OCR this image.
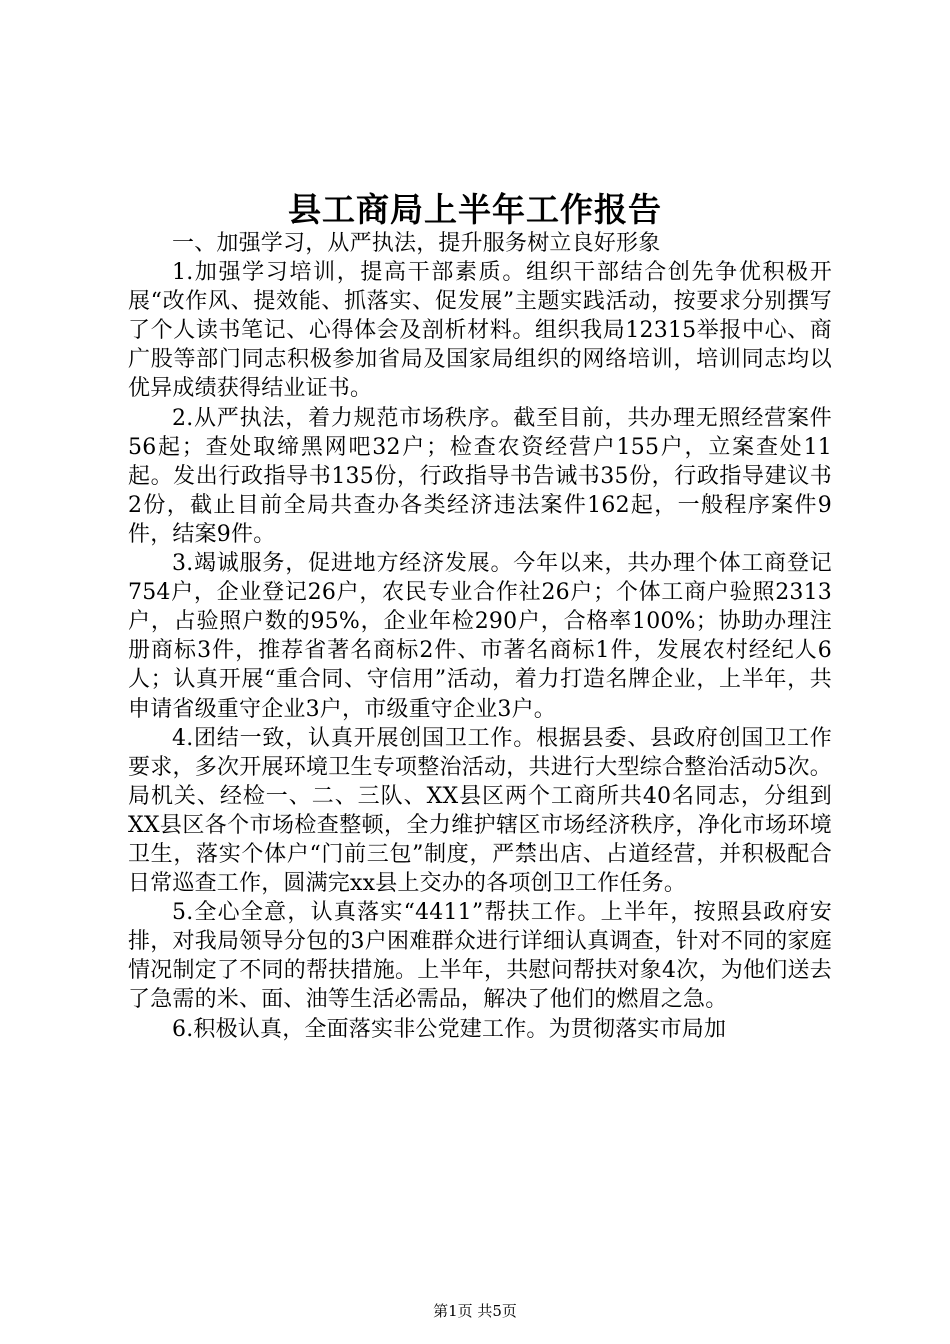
县工商局上半年工作报告

一、加强学习，从严执法，提升服务树立良好形象

1.加强学习培训，提高干部素质。组织干部结合创先争优积极开展“改作风、提效能、抓落实、促发展”主题实践活动，按要求分别撰写了个人读书笔记、心得体会及剖析材料。组织我局12315举报中心、商广股等部门同志积极参加省局及国家局组织的网络培训，培训同志均以优异成绩获得结业证书。

2.从严执法，着力规范市场秩序。截至目前，共办理无照经营案件56起；查处取缔黑网吧32户；检查农资经营户155户，立案查处11起。发出行政指导书135份，行政指导书告诫书35份，行政指导建议书2份，截止目前全局共查办各类经济违法案件162起，一般程序案件9件，结案9件。

3.竭诚服务，促进地方经济发展。今年以来，共办理个体工商登记754户，企业登记26户，农民专业合作社26户；个体工商户验照2313户，占验照户数的95%，企业年检290户，合格率100%；协助办理注册商标3件，推荐省著名商标2件、市著名商标1件，发展农村经纪人6人；认真开展“重合同、守信用”活动，着力打造名牌企业，上半年，共申请省级重守企业3户，市级重守企业3户。

4.团结一致，认真开展创国卫工作。根据县委、县政府创国卫工作要求，多次开展环境卫生专项整治活动，共进行大型综合整治活动5次。局机关、经检一、二、三队、XX县区两个工商所共40名同志，分组到XX县区各个市场检查整顿，全力维护辖区市场经济秩序，净化市场环境卫生，落实个体户“门前三包”制度，严禁出店、占道经营，并积极配合日常巡查工作，圆满完xx县上交办的各项创卫工作任务。

5.全心全意，认真落实“4411”帮扶工作。上半年，按照县政府安排，对我局领导分包的3户困难群众进行详细认真调查，针对不同的家庭情况制定了不同的帮扶措施。上半年，共慰问帮扶对象4次，为他们送去了急需的米、面、油等生活必需品，解决了他们的燃眉之急。

6.积极认真，全面落实非公党建工作。为贯彻落实市局加

第1页 共5页
